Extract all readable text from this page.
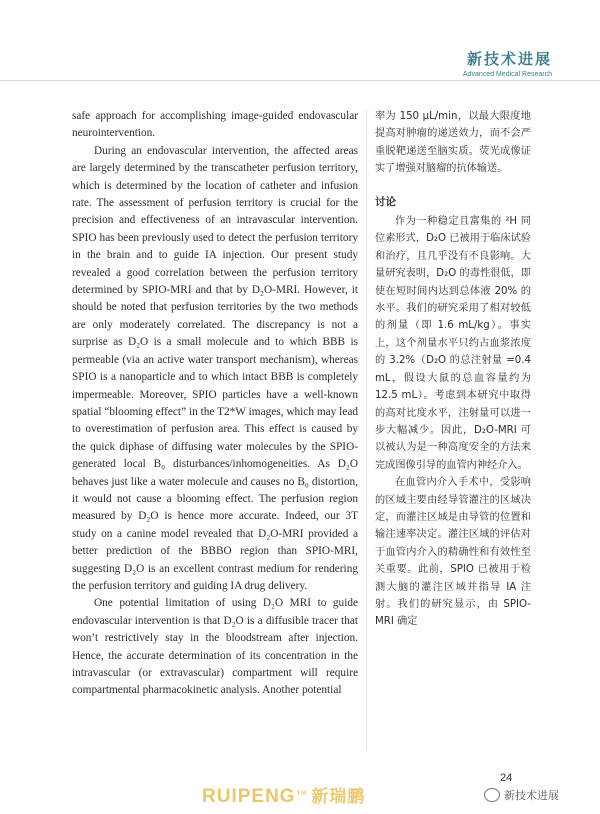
新技术进展
Advanced Medical Research

safe approach for accomplishing image-guided endovascular neurointervention.

During an endovascular intervention, the affected areas are largely determined by the transcatheter perfusion territory, which is determined by the location of catheter and infusion rate. The assessment of perfusion territory is crucial for the precision and effectiveness of an intravascular intervention. SPIO has been previously used to detect the perfusion territory in the brain and to guide IA injection. Our present study revealed a good correlation between the perfusion territory determined by SPIO-MRI and that by D₂O-MRI. However, it should be noted that perfusion territories by the two methods are only moderately correlated. The discrepancy is not a surprise as D₂O is a small molecule and to which BBB is permeable (via an active water transport mechanism), whereas SPIO is a nanoparticle and to which intact BBB is completely impermeable. Moreover, SPIO particles have a well-known spatial “blooming effect” in the T2*W images, which may lead to overestimation of perfusion area. This effect is caused by the quick diphase of diffusing water molecules by the SPIO-generated local B₀ disturbances/inhomogeneities. As D₂O behaves just like a water molecule and causes no B₀ distortion, it would not cause a blooming effect. The perfusion region measured by D₂O is hence more accurate. Indeed, our 3T study on a canine model revealed that D₂O-MRI provided a better prediction of the BBBO region than SPIO-MRI, suggesting D₂O is an excellent contrast medium for rendering the perfusion territory and guiding IA drug delivery.

One potential limitation of using D₂O MRI to guide endovascular intervention is that D₂O is a diffusible tracer that won’t restrictively stay in the bloodstream after injection. Hence, the accurate determination of its concentration in the intravascular (or extravascular) compartment will require compartmental pharmacokinetic analysis. Another potential

率为 150 μL/min，以最大限度地提高对肿瘤的递送效力，而不会严重脱靶递送至脑实质。荧光成像证实了增强对脑瘤的抗体输送。

讨论

作为一种稳定且富集的 ²H 同位素形式，D₂O 已被用于临床试验和治疗，且几乎没有不良影响。大量研究表明，D₂O 的毒性很低，即使在短时间内达到总体液 20% 的水平。我们的研究采用了相对较低的剂量（即 1.6 mL/kg）。事实上，这个剂量水平只约占血浆浓度的 3.2%（D₂O 的总注射量 =0.4 mL，假设大鼠的总血容量约为 12.5 mL）。考虑到本研究中取得的高对比度水平，注射量可以进一步大幅减少。因此，D₂O-MRI 可以被认为是一种高度安全的方法来完成图像引导的血管内神经介入。

在血管内介入手术中，受影响的区域主要由经导管灌注的区域决定，而灌注区域是由导管的位置和输注速率决定。灌注区域的评估对于血管内介入的精确性和有效性至关重要。此前，SPIO 已被用于检测大脑的灌注区域并指导 IA 注射。我们的研究显示，由 SPIO-MRI 确定

24
RUIPENG™ 新瑞鹏	新技术进展
